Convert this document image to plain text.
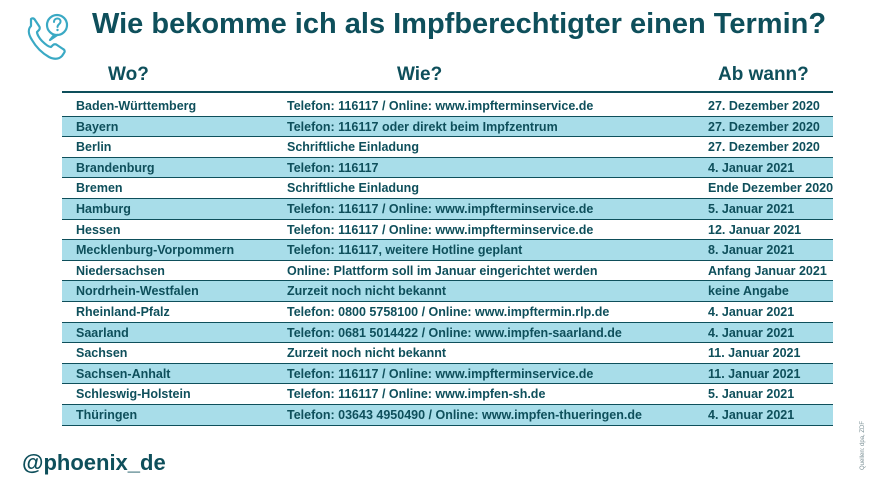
Wie bekomme ich als Impfberechtigter einen Termin?
Wo?	Wie?	Ab wann?
Baden-Württemberg	Telefon: 116117 / Online: www.impfterminservice.de	27. Dezember 2020
Bayern	Telefon: 116117 oder direkt beim Impfzentrum	27. Dezember 2020
Berlin	Schriftliche Einladung	27. Dezember 2020
Brandenburg	Telefon: 116117	4. Januar 2021
Bremen	Schriftliche Einladung	Ende Dezember 2020
Hamburg	Telefon: 116117 / Online: www.impfterminservice.de	5. Januar 2021
Hessen	Telefon: 116117 / Online: www.impfterminservice.de	12. Januar 2021
Mecklenburg-Vorpommern	Telefon: 116117, weitere Hotline geplant	8. Januar 2021
Niedersachsen	Online: Plattform soll im Januar eingerichtet werden	Anfang Januar 2021
Nordrhein-Westfalen	Zurzeit noch nicht bekannt	keine Angabe
Rheinland-Pfalz	Telefon: 0800 5758100 / Online: www.impftermin.rlp.de	4. Januar 2021
Saarland	Telefon: 0681 5014422 / Online: www.impfen-saarland.de	4. Januar 2021
Sachsen	Zurzeit noch nicht bekannt	11. Januar 2021
Sachsen-Anhalt	Telefon: 116117 / Online: www.impfterminservice.de	11. Januar 2021
Schleswig-Holstein	Telefon: 116117 / Online: www.impfen-sh.de	5. Januar 2021
Thüringen	Telefon: 03643 4950490 / Online: www.impfen-thueringen.de	4. Januar 2021
@phoenix_de	Quellen: dpa, ZDF
